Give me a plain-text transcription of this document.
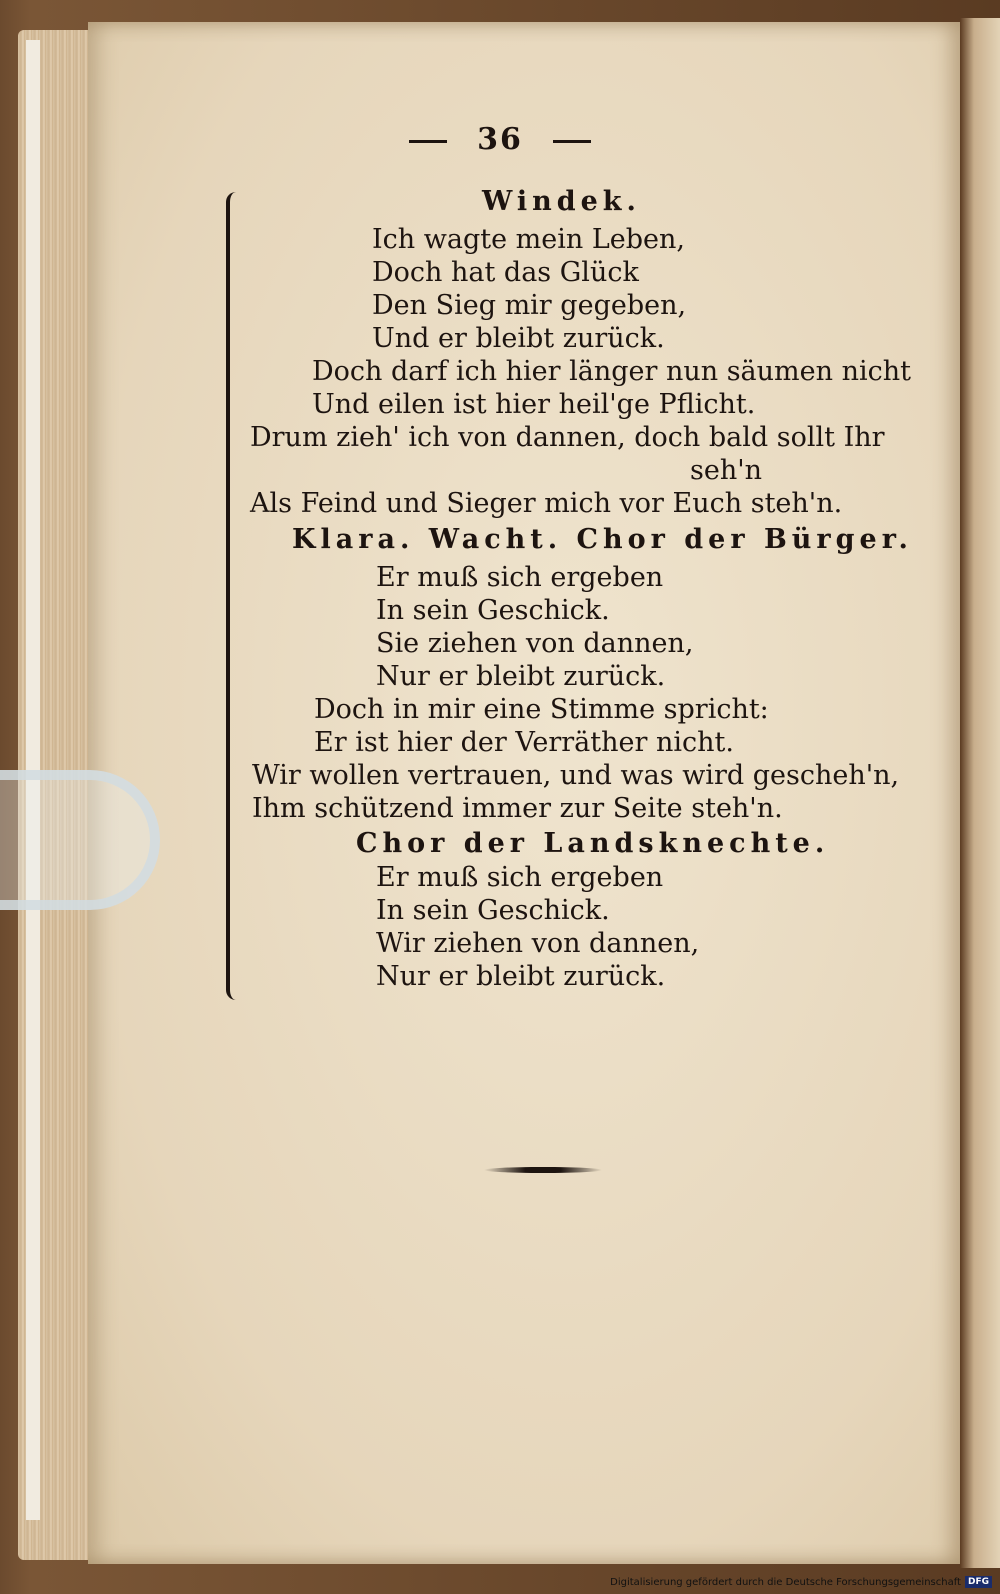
36
Windek.
Ich wagte mein Leben,
Doch hat das Glück
Den Sieg mir gegeben,
Und er bleibt zurück.
Doch darf ich hier länger nun säumen nicht
Und eilen ist hier heil'ge Pflicht.
Drum zieh' ich von dannen, doch bald sollt Ihr
seh'n
Als Feind und Sieger mich vor Euch steh'n.
Klara. Wacht. Chor der Bürger.
Er muß sich ergeben
In sein Geschick.
Sie ziehen von dannen,
Nur er bleibt zurück.
Doch in mir eine Stimme spricht:
Er ist hier der Verräther nicht.
Wir wollen vertrauen, und was wird gescheh'n,
Ihm schützend immer zur Seite steh'n.
Chor der Landsknechte.
Er muß sich ergeben
In sein Geschick.
Wir ziehen von dannen,
Nur er bleibt zurück.
Digitalisierung gefördert durch die Deutsche Forschungsgemeinschaft DFG
